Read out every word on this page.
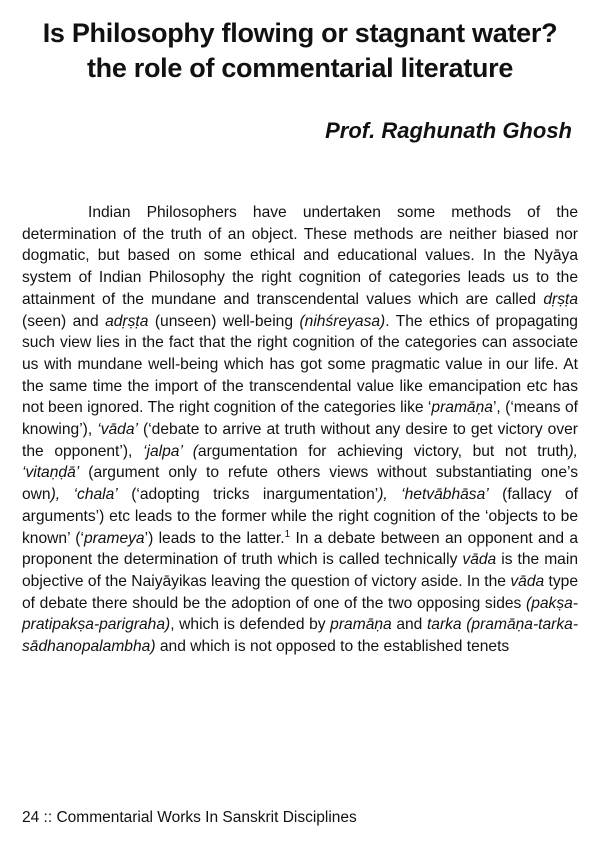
Is Philosophy flowing or stagnant water?
the role of commentarial literature
Prof. Raghunath Ghosh

Indian Philosophers have undertaken some methods of the determination of the truth of an object. These methods are neither biased nor dogmatic, but based on some ethical and educational values. In the Nyāya system of Indian Philosophy the right cognition of categories leads us to the attainment of the mundane and transcendental values which are called dṛṣṭa (seen) and adṛṣṭa (unseen) well-being (nihśreyasa). The ethics of propagating such view lies in the fact that the right cognition of the categories can associate us with mundane well-being which has got some pragmatic value in our life. At the same time the import of the transcendental value like emancipation etc has not been ignored. The right cognition of the categories like ‘pramāṇa’, (‘means of knowing’), ‘vāda’ (‘debate to arrive at truth without any desire to get victory over the opponent’), ‘jalpa’ (argumentation for achieving victory, but not truth), ‘vitaṇḍā’ (argument only to refute others views without substantiating one’s own), ‘chala’ (‘adopting tricks inargumentation’), ‘hetvābhāsa’ (fallacy of arguments’) etc leads to the former while the right cognition of the ‘objects to be known’ (‘prameya’) leads to the latter.$^1$ In a debate between an opponent and a proponent the determination of truth which is called technically vāda is the main objective of the Naiyāyikas leaving the question of victory aside. In the vāda type of debate there should be the adoption of one of the two opposing sides (pakṣa-pratipakṣa-parigraha), which is defended by pramāṇa and tarka (pramāṇa-tarka-sādhanopalambha) and which is not opposed to the established tenets

24 :: Commentarial Works In Sanskrit Disciplines
